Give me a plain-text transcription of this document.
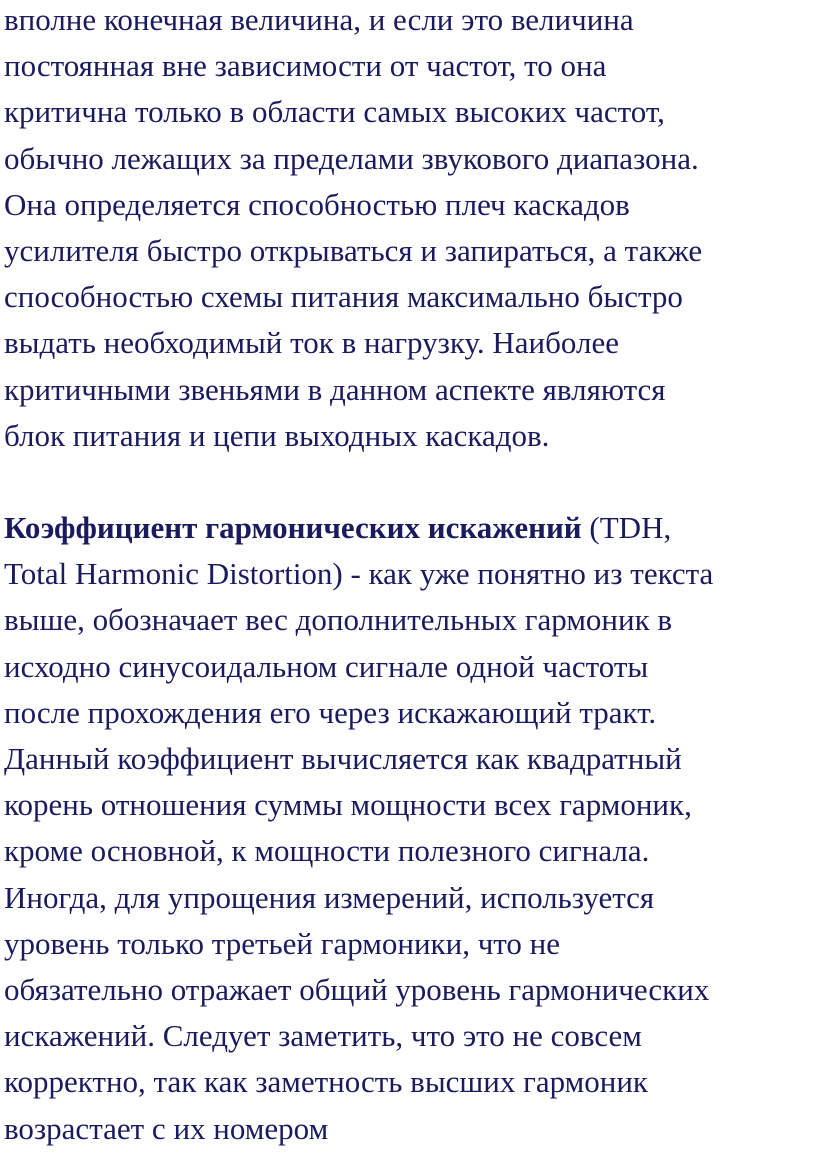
вполне конечная величина, и если это величина
постоянная вне зависимости от частот, то она
критична только в области самых высоких частот,
обычно лежащих за пределами звукового диапазона.
Она определяется способностью плеч каскадов
усилителя быстро открываться и запираться, а также
способностью схемы питания максимально быстро
выдать необходимый ток в нагрузку. Наиболее
критичными звеньями в данном аспекте являются
блок питания и цепи выходных каскадов.
Коэффициент гармонических искажений (TDH,
Total Harmonic Distortion) - как уже понятно из текста
выше, обозначает вес дополнительных гармоник в
исходно синусоидальном сигнале одной частоты
после прохождения его через искажающий тракт.
Данный коэффициент вычисляется как квадратный
корень отношения суммы мощности всех гармоник,
кроме основной, к мощности полезного сигнала.
Иногда, для упрощения измерений, используется
уровень только третьей гармоники, что не
обязательно отражает общий уровень гармонических
искажений. Следует заметить, что это не совсем
корректно, так как заметность высших гармоник
возрастает с их номером
